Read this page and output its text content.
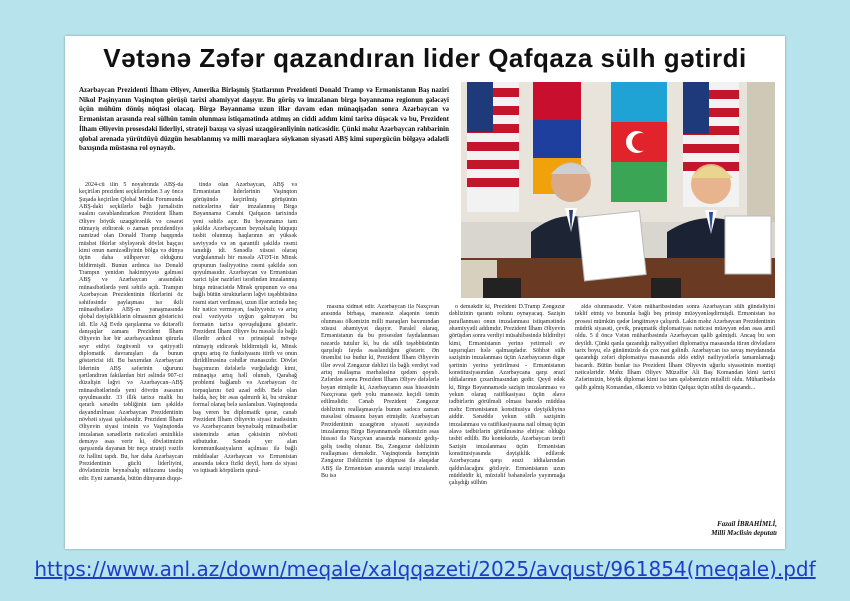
Vətənə Zəfər qazandıran lider Qafqaza sülh gətirdi

Azərbaycan Prezidenti İlham Əliyev, Amerika Birləşmiş Ştatlarının Prezidenti Donald Tramp və Ermənistanın Baş naziri Nikol Paşinyanın Vaşinqton görüşü tarixi əhəmiyyət daşıyır. Bu görüş və imzalanan birgə bəyannamə regionun gələcəyi üçün mühüm dönüş nöqtəsi olacaq. Birgə Bəyannamə uzun illər davam edən münaqişədən sonra Azərbaycan və Ermənistan arasında real sülhün təmin olunması istiqamətində atılmış ən ciddi addım kimi tarixə düşəcək və bu, Prezident İlham Əliyevin prosesdəki liderliyi, strateji baxışı və siyasi uzaqgörənliyinin nəticəsidir. Çünki məhz Azərbaycan rəhbərinin qlobal arenada yürütdüyü düzgün hesablanmış və milli maraqlara söykənən siyasəti ABŞ kimi supergücün bölgəyə ədalətli baxışında müstəsna rol oynayıb.

2024-cü ilin 5 noyabrında ABŞ-da keçirilən prezident seçkilərindən 3 ay öncə Şuşada keçirilən Qlobal Media Forumunda ABŞ-daki seçkilərlə bağlı jurnalistin sualını cavablandırarkən Prezident İlham Əliyev böyük uzaqgörənlik və cəsarət nümayiş etdirərək o zaman prezidentliyə namizəd olan Donald Tramp haqqında müsbət fikirlər söyləyərək dövlət başçısı kimi onun namizədliyinin bölgə və dünya üçün daha sülhpərvər olduğunu bildirmişdi. Bunun ardınca isə Donald Trampın yenidən hakimiyyətə gəlməsi ABŞ və Azərbaycan arasındakı münasibətlərdə yeni səhifə açdı. Trampın Azərbaycan Prezidentinin fikirlərini öz səhifəsində paylaşması isə ikili münasibətlərə ABŞ-ın yanaşmasında qlobal dəyişikliklərin olmasının göstəricisi idi. Elə Ağ Evdə qarşılanma və ikitərəfli danışıqlar zamanı Prezident İlham Əliyevin hər bir azərbaycanlının qürurla seyr etdiyi özgüvənli və qətiyyətli diplomatik davranışları da bunun göstəricisi idi. Bu baxımdan Azərbaycan liderinin ABŞ səfərinin uğurunu şərtləndirən faktlardan biri əslində 907-ci düzəlişin ləğvi və Azərbaycan–ABŞ münasibətlərində yeni dövrün əsasının qoyulmasıdır. 33 illik tarixə malik bu qərarlı sənədin təbliğinin tam şəkildə dayandırılması Azərbaycan Prezidentinin növbəti siyasi qələbəsidir. Prezident İlham Əliyevin siyasi irsinin və Vaşinqtonda imzalanan sənədlərin nəticələri əminliklə deməyə əsas verir ki, dövlətimizin qarşısında dayanan bir neçə strateji vəzifə öz həllini tapdı. Bu, hər daha Azərbaycan Prezidentinin güclü liderliyini, dövlətimizin beynəlxalq nüfuzunu təsdiq edir. Eyni zamanda, bütün dünyanın diqqə-

tində olan Azərbaycan, ABŞ və Ermənistan liderlərinin Vaşinqton görüşündə keçirilmiş görüşünün nəticələrinə dair imzalanmış Birgə Bəyannamə Cənubi Qafqazın tarixində yeni səhifə açır. Bu bəyannamə tam şəkildə Azərbaycanın beynəlxalq hüququ təsbit olunmuş haqlarının ən yüksək səviyyədə və ən qarantili şəkildə rəsmi tanıdığı idi. Sənədlə xüsusi olaraq vurğulanmalı bir məsələ ATƏT-in Minsk qrupunun fəaliyyətinə rəsmi şəkildə son qoyulmasıdır. Azərbaycan və Ermənistan xarici işlər nazirləri tərəfindən imzalanmış birgə müraciətdə Minsk qrupunun və ona bağlı bütün strukturların ləğvi təşəbbüsünə rəsmi start verilməsi, uzun illər ərzində heç bir nəticə verməyən, fəaliyyətsiz və artıq real vəziyyətə uyğun gəlməyən bu formatın tarixə qovuşduğunu göstərir. Prezident İlham Əliyev bu məsələ ilə bağlı illərdir ardıcıl və prinsipial mövqe nümayiş etdirərək bildirmişdi ki, Minsk qrupu artıq öz funksiyasını itirib və onun dirildilməsinə cəhdlər mənasızdır. Dövlət başçımızın dəfələrlə vurğuladığı kimi, münaqişə artıq həll olunub, Qarabağ problemi bağlanıb və Azərbaycan öz torpaqlarını özü azad edib. Belə olan halda, heç bir əsas qalmırdı ki, bu struktur formal olaraq belə saxlanılsın. Vaşinqtonda baş veren bu diplomatik qərar, canab Prezident İlham Əliyevin siyasi iradəsinin və Azərbaycanın beynəlxalq münasibətlər sistemində artan çəkisinin növbəti sübutudur. Sənədə yer alan kommunikasiyaların açılması ilə bağlı müddəalar Azərbaycan və Ermənistan arasında təkcə fiziki deyil, həm də siyasi və iqtisadi körpülərin qurul-

masına xidmət edir. Azərbaycan ilə Naxçıvan arasında birbaşa, maneəsiz əlaqənin təmin olunması ölkəmizin milli maraqları baxımından xüsusi əhəmiyyət daşıyır. Paralel olaraq, Ermənistanın da bu prosesdən faydalanması nəzərdə tutulur ki, bu da sülh təşəbbüsünün qarşılıqlı fayda əsaslandığını göstərir. Ən önəmlisi isə budur ki, Prezident İlham Əliyevin illər əvvəl Zəngəzur dəhlizi ilə bağlı verdiyi vəd artıq reallaşma mərhələsinə qədəm qoyub. Zəfərdən sonra Prezident İlham Əliyev dəfələrlə bəyan etmişdir ki, Azərbaycanın əsas hissəsinin Naxçıvana qərb yolu maneəsiz keçidi təmin edilməlidir. Cənab Prezident Zəngəzur dəhlizinin reallaşmasıyla bunun sadəcə zaman məsələsi olmasını bəyan etmişdir. Azərbaycan Prezidentinin uzaqgörən siyasəti sayəsində imzalanmış Birgə Bəyannamədə ölkəmizin əsas hissəsi ilə Naxçıvan arasında maneəsiz gediş-gəliş təsdiq olunur. Bu, Zəngəzur dəhlizinin reallaşması deməkdir. Vaşinqtonda həmçinin Zəngəzur Dəhlizinin işə düşməsi ilə əlaqədar ABŞ ilə Ermənistan arasında sazişi imzalanıb. Bu isə

o deməkdir ki, Prezident D.Tramp Zəngəzur dəhlizinin qarantı rolunu oynayacaq. Sazişin paraflanması onun imzalanması istiqamətində əhəmiyyətli addımdır. Prezident İlham Əliyevin görüşdən sonra verdiyi müsahibəsində bildirdiyi kimi, Ermənistanın yerinə yetirməli ev tapşırıqları hələ qalmaqdadır. Söhbət sülh sazişinin imzalanması üçün Azərbaycanın digər şərtinin yerinə yetirilməsi - Ermənistanın konstitusiyasından Azərbaycana qarşı ərazi iddialarının çıxarılmasından gedir. Qeyd edək ki, Birgə Bəyannamədə sazişin imzalanması və yekun olaraq ratifikasiyası üçün əlavə tədbirlərin görülməli olması barədə müddəa məhz Ermənistanın konstitusiya dəyişikliyinə aiddir. Sənəddə yekun sülh sazişinin imzalanması və ratifikasiyasına nail olmaq üçün əlavə tədbirlərin görülməsinə ehtiyac olduğu təsbit edilib. Bu kontekstdə, Azərbaycan tərəfi Sazişin imzalanması üçün Ermənistan konstitusiyasında dəyişiklik edilərək Azərbaycana qarşı ərazi iddialarından qaldırılacağını gözləyir. Ermənistanın uzun müddətdir ki, müxtəlif bəhanələrlə yayınmağa çalışdığı sülhün

əldə olunmasıdır. Vətən müharibəsindən sonra Azərbaycan sülh gündəliyini təklif etmiş və bununla bağlı beş prinsip müəyyənləşdirmişdi. Ermənistan isə prosesi mümkün qədər ləngitməyə çalışırdı. Lakin məhz Azərbaycan Prezidentinin müdrik siyasəti, çevik, praqmatik diplomatiyası nəticəsi müəyyən edən əsas amil oldu. 5 il öncə Vətən müharibəsində Azərbaycan qalib gəlmişdi. Ancaq bu son deyildi. Çünki qanla qazandığı naliyyətləri diplomatiya masasında itirən dövlətlərə tarix boyu, elə günümüzdə də çox rast gəlinib. Azərbaycan isə savaş meydanında qazandığı zəfəri diplomatiya masasında əldə etdiyi nailiyyətlərlə tamamlamağı bacardı. Bütün bunlar isə Prezident İlham Əliyevin uğurlu siyasətinin məntiqi nəticələridir. Məhz İlham Əliyev Müzəffər Ali Baş Komandan kimi tarixi Zəfərimizin, böyük diplomat kimi isə tam qələbəmizin müəllifi oldu. Müharibədə qalib gəlmiş Komandan, ölkəmiz və bütün Qafqaz üçün sülhü də qazandı...

Fazail İBRAHİMLİ,
Milli Məclisin deputatı
https://www.anl.az/down/meqale/xalqqazeti/2025/avqust/961854(meqale).pdf
